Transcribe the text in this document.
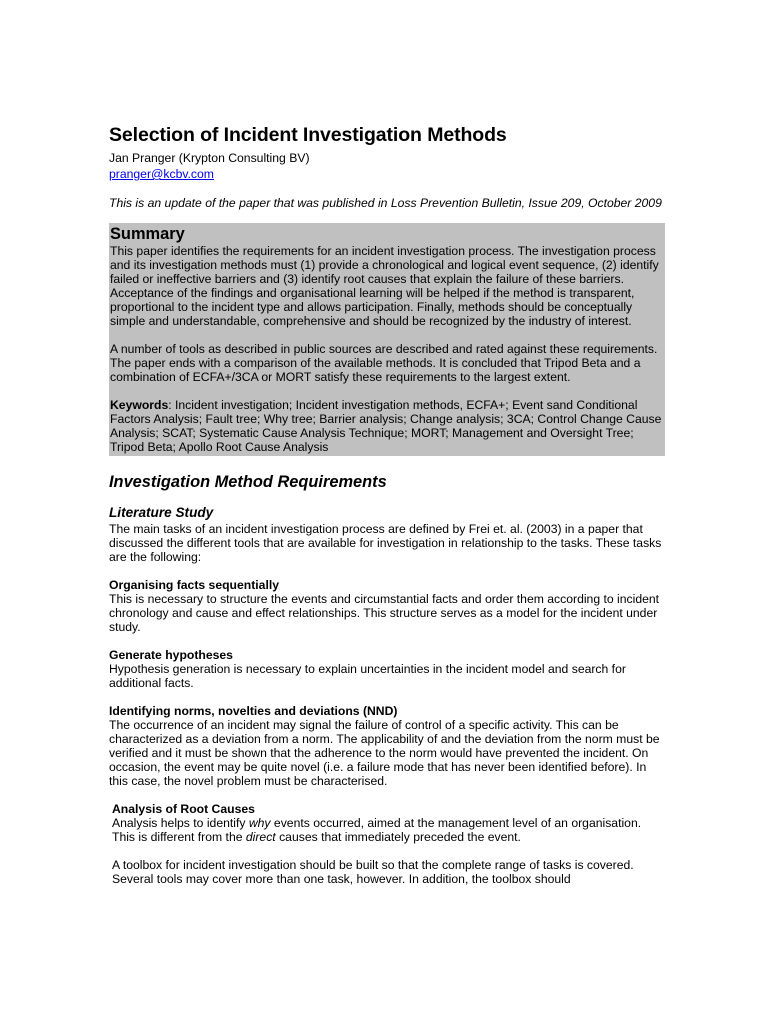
Selection of Incident Investigation Methods
Jan Pranger (Krypton Consulting BV)
pranger@kcbv.com
This is an update of the paper that was published in Loss Prevention Bulletin, Issue 209, October 2009
Summary

This paper identifies the requirements for an incident investigation process. The investigation process and its investigation methods must (1) provide a chronological and logical event sequence, (2) identify failed or ineffective barriers and (3) identify root causes that explain the failure of these barriers. Acceptance of the findings and organisational learning will be helped if the method is transparent, proportional to the incident type and allows participation. Finally, methods should be conceptually simple and understandable, comprehensive and should be recognized by the industry of interest.

A number of tools as described in public sources are described and rated against these requirements. The paper ends with a comparison of the available methods. It is concluded that Tripod Beta and a combination of ECFA+/3CA or MORT satisfy these requirements to the largest extent.

Keywords: Incident investigation; Incident investigation methods, ECFA+; Event sand Conditional Factors Analysis; Fault tree; Why tree; Barrier analysis; Change analysis; 3CA; Control Change Cause Analysis; SCAT; Systematic Cause Analysis Technique; MORT; Management and Oversight Tree; Tripod Beta; Apollo Root Cause Analysis

Investigation Method Requirements
Literature Study

The main tasks of an incident investigation process are defined by Frei et. al. (2003) in a paper that discussed the different tools that are available for investigation in relationship to the tasks. These tasks are the following:

Organising facts sequentially

This is necessary to structure the events and circumstantial facts and order them according to incident chronology and cause and effect relationships. This structure serves as a model for the incident under study.

Generate hypotheses

Hypothesis generation is necessary to explain uncertainties in the incident model and search for additional facts.

Identifying norms, novelties and deviations (NND)

The occurrence of an incident may signal the failure of control of a specific activity. This can be characterized as a deviation from a norm. The applicability of and the deviation from the norm must be verified and it must be shown that the adherence to the norm would have prevented the incident. On occasion, the event may be quite novel (i.e. a failure mode that has never been identified before). In this case, the novel problem must be characterised.

Analysis of Root Causes

Analysis helps to identify why events occurred, aimed at the management level of an organisation. This is different from the direct causes that immediately preceded the event.

A toolbox for incident investigation should be built so that the complete range of tasks is covered. Several tools may cover more than one task, however. In addition, the toolbox should
